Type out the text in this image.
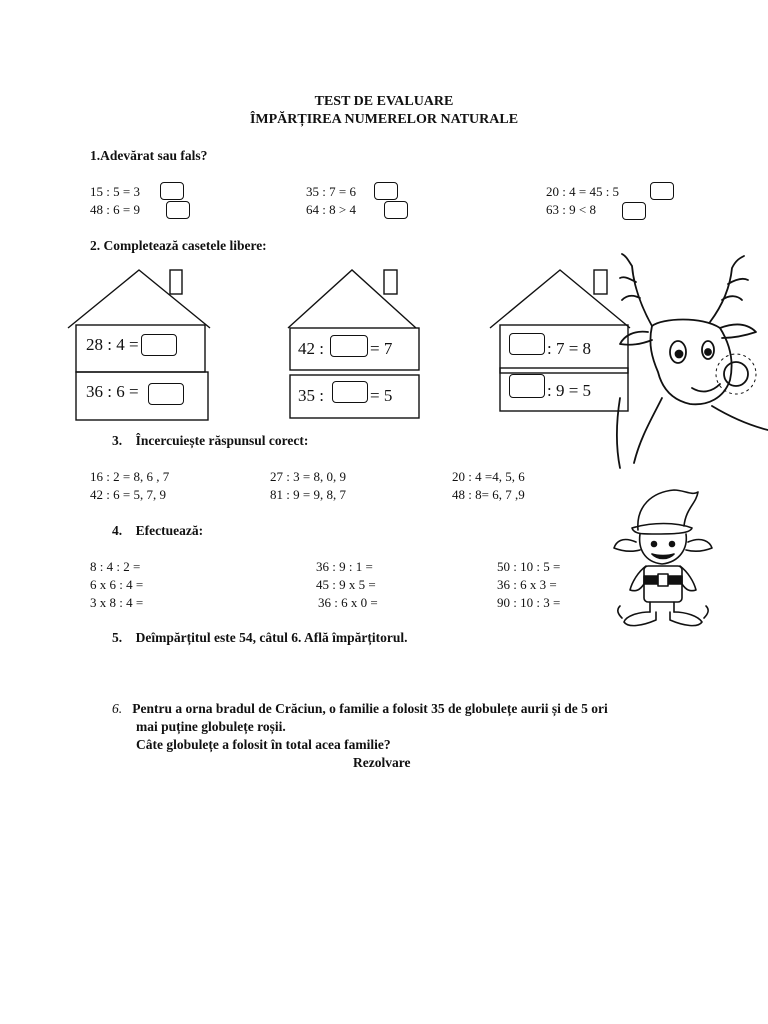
TEST DE EVALUARE
ÎMPĂRȚIREA NUMERELOR NATURALE
1.Adevărat sau fals?
15 : 5 = 3
48 : 6 = 9
35 : 7 = 6
64 : 8 > 4
20 : 4 = 45 : 5
63 : 9 < 8
2. Completează casetele libere:
28 : 4 =
36 : 6 =
42 :	= 7
35 :	= 5
: 7 = 8
: 9 = 5
3. Încercuiește răspunsul corect:
16 : 2 = 8, 6 , 7
42 : 6 = 5, 7, 9
27 : 3 = 8, 0, 9
81 : 9 = 9, 8, 7
20 : 4 =4, 5, 6
48 : 8= 6, 7 ,9
4. Efectuează:
8 : 4 : 2 =
6 x 6 : 4 =
3 x 8 : 4 =
36 : 9 : 1 =
45 : 9 x 5 =
36 : 6 x 0 =
50 : 10 : 5 =
36 : 6 x 3 =
90 : 10 : 3 =
5. Deîmpărțitul este 54, câtul 6. Află împărțitorul.
6. Pentru a orna bradul de Crăciun, o familie a folosit 35 de globulețe aurii și de 5 ori
mai puține globulețe roșii.
Câte globulețe a folosit în total acea familie?
Rezolvare
